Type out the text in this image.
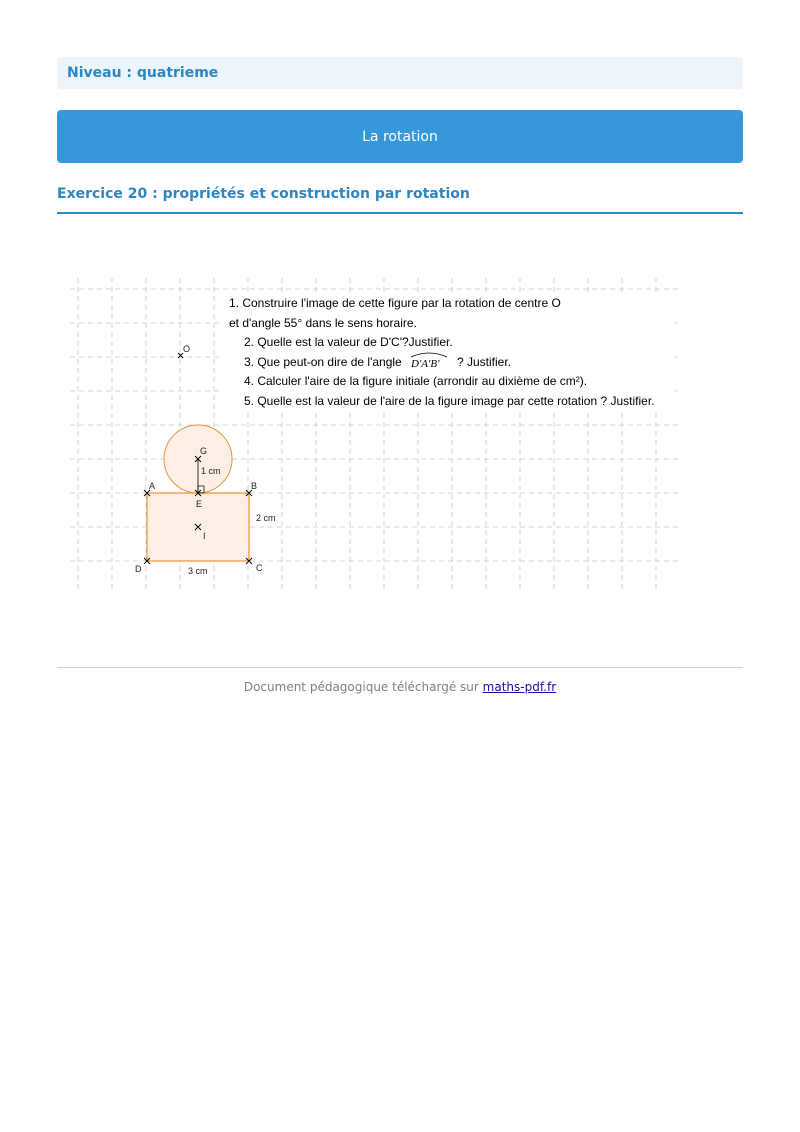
Niveau : quatrieme
La rotation
Exercice 20 : propriétés et construction par rotation
1. Construire l'image de cette figure par la rotation de centre O
et d'angle 55° dans le sens horaire.
2. Quelle est la valeur de D'C'?Justifier.
3. Que peut-on dire de l'angle D'A'B' ? Justifier.
4. Calculer l'aire de la figure initiale (arrondir au dixième de cm²).
5. Quelle est la valeur de l'aire de la figure image par cette rotation ? Justifier.
O
G
1 cm
A	B
E
I
2 cm
D	C
3 cm
Document pédagogique téléchargé sur maths-pdf.fr
